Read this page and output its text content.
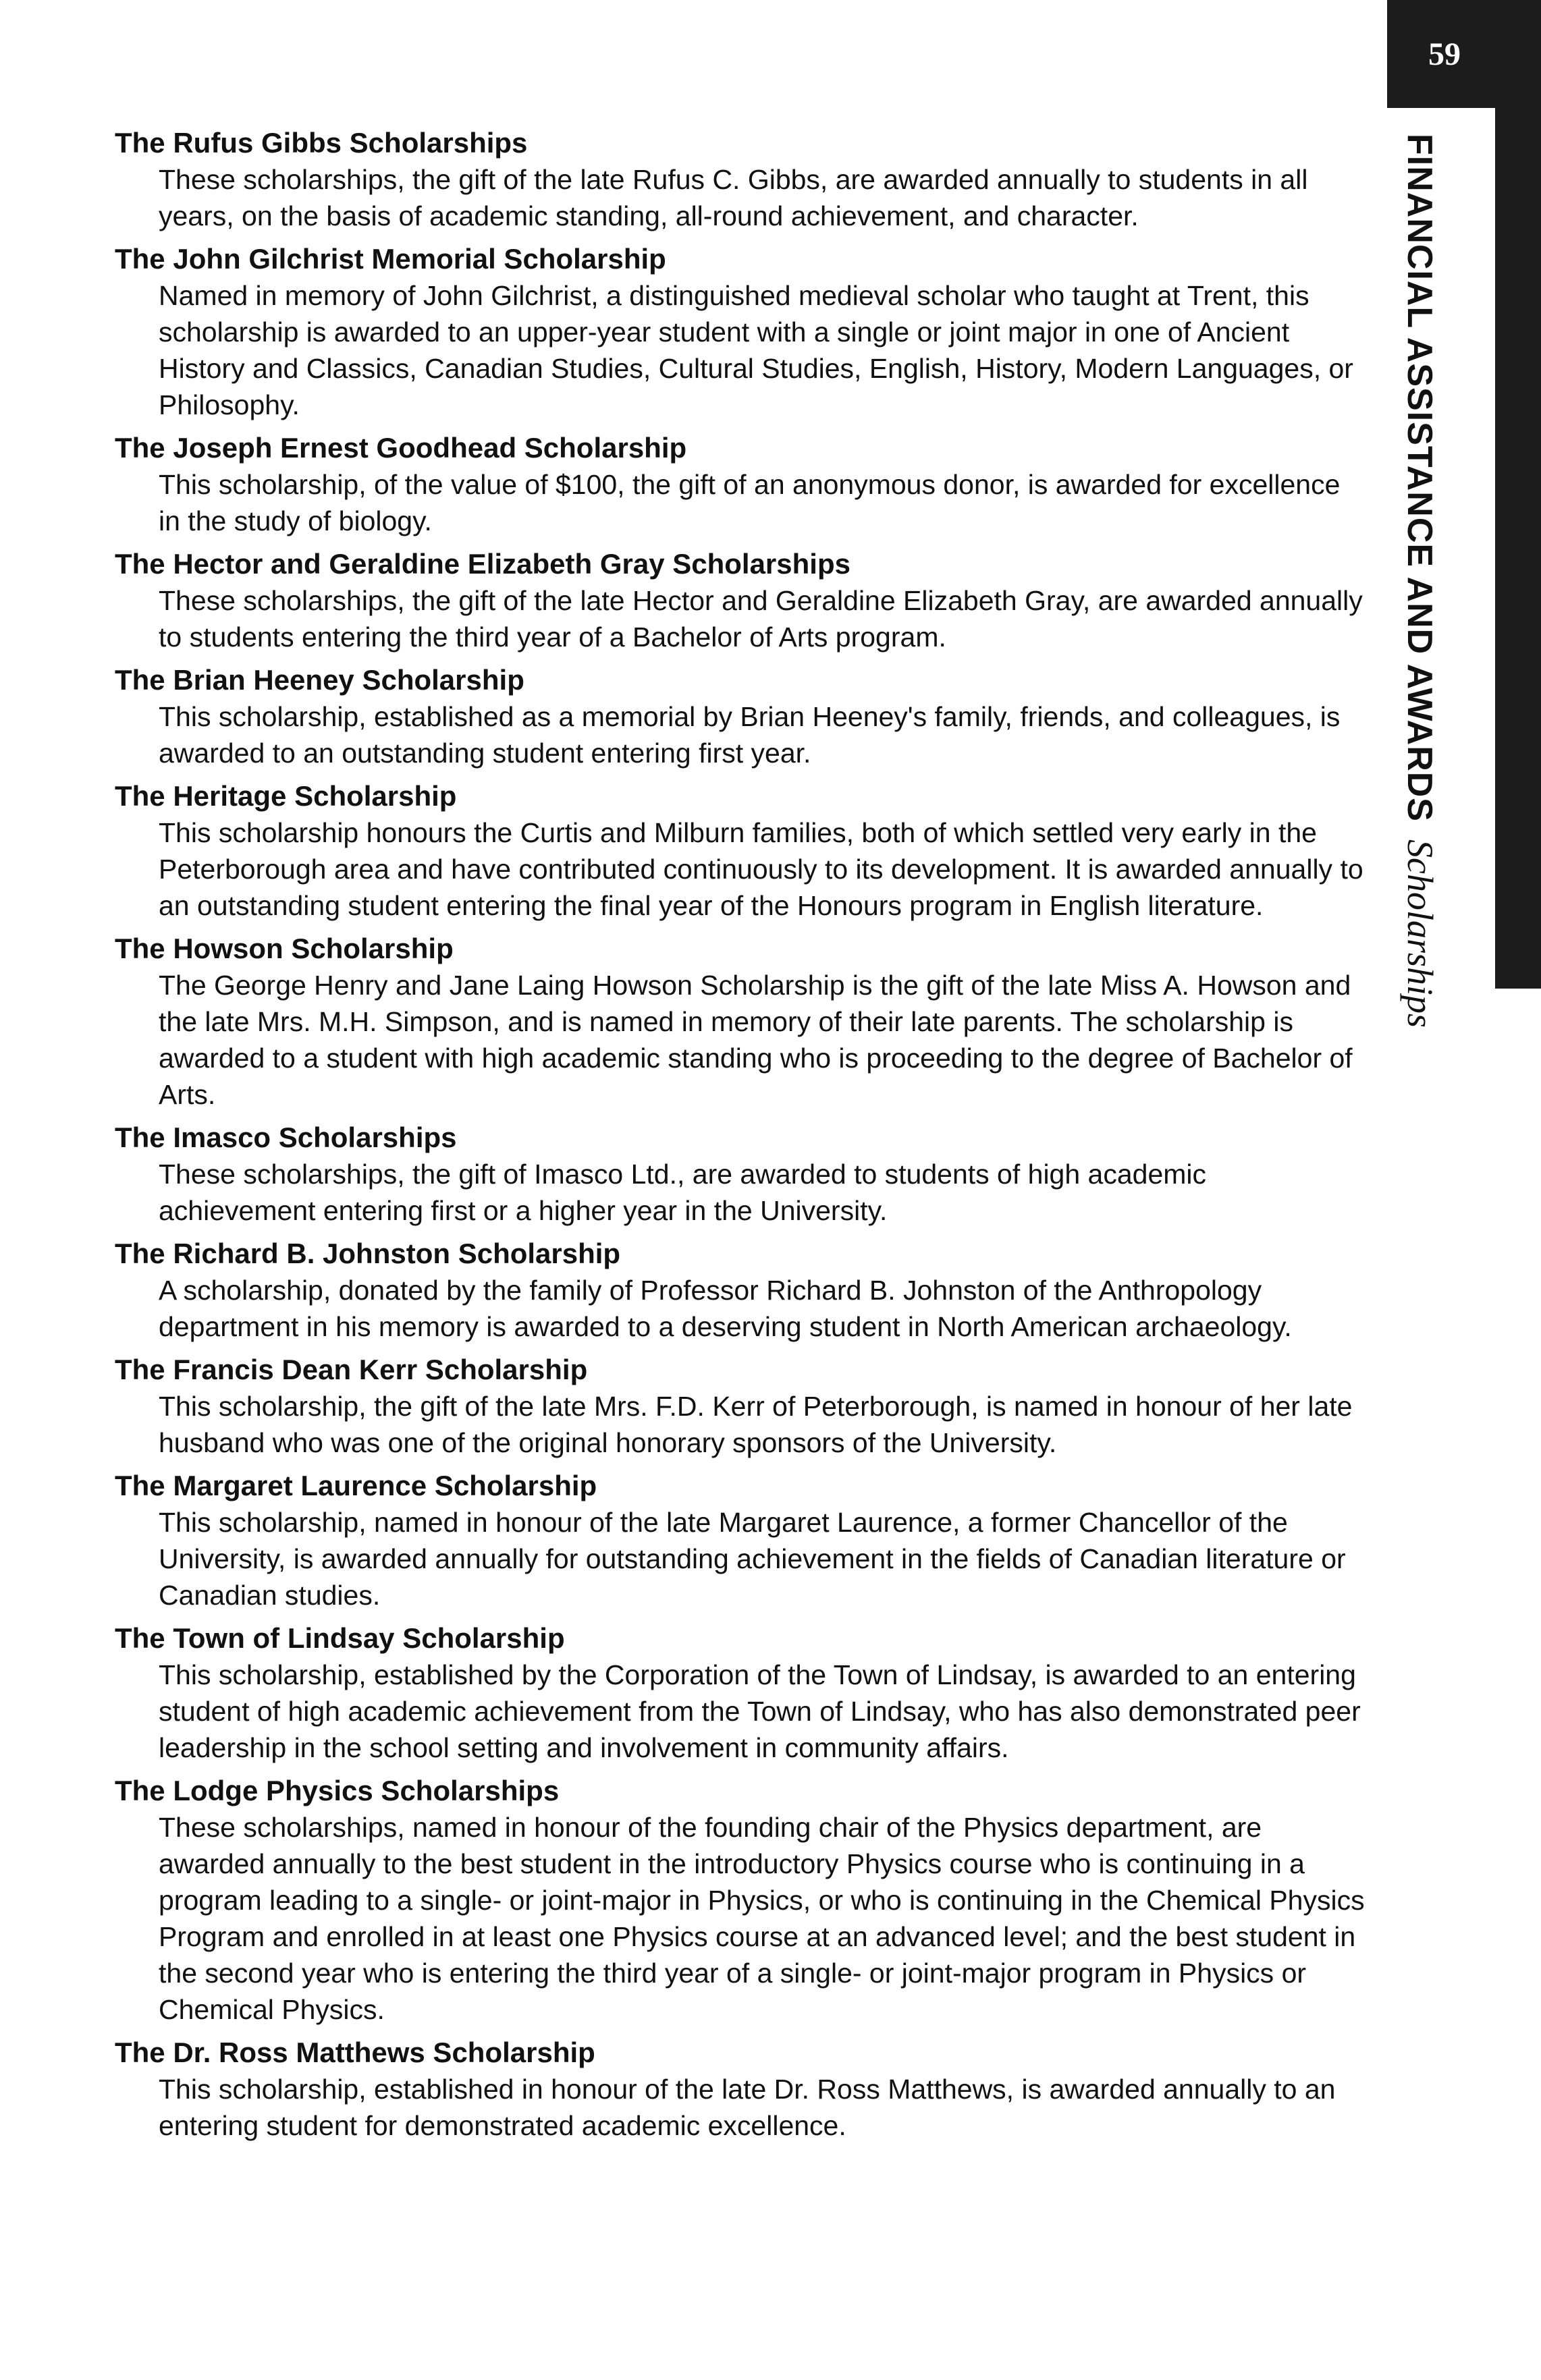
59
FINANCIAL ASSISTANCE AND AWARDSScholarships
The Rufus Gibbs Scholarships
These scholarships, the gift of the late Rufus C. Gibbs, are awarded annually to students in all years, on the basis of academic standing, all-round achievement, and character.
The John Gilchrist Memorial Scholarship
Named in memory of John Gilchrist, a distinguished medieval scholar who taught at Trent, this scholarship is awarded to an upper-year student with a single or joint major in one of Ancient History and Classics, Canadian Studies, Cultural Studies, English, History, Modern Languages, or Philosophy.
The Joseph Ernest Goodhead Scholarship
This scholarship, of the value of $100, the gift of an anonymous donor, is awarded for excellence in the study of biology.
The Hector and Geraldine Elizabeth Gray Scholarships
These scholarships, the gift of the late Hector and Geraldine Elizabeth Gray, are awarded annually to students entering the third year of a Bachelor of Arts program.
The Brian Heeney Scholarship
This scholarship, established as a memorial by Brian Heeney's family, friends, and colleagues, is awarded to an outstanding student entering first year.
The Heritage Scholarship
This scholarship honours the Curtis and Milburn families, both of which settled very early in the Peterborough area and have contributed continuously to its development. It is awarded annually to an outstanding student entering the final year of the Honours program in English literature.
The Howson Scholarship
The George Henry and Jane Laing Howson Scholarship is the gift of the late Miss A. Howson and the late Mrs. M.H. Simpson, and is named in memory of their late parents. The scholarship is awarded to a student with high academic standing who is proceeding to the degree of Bachelor of Arts.
The Imasco Scholarships
These scholarships, the gift of Imasco Ltd., are awarded to students of high academic achievement entering first or a higher year in the University.
The Richard B. Johnston Scholarship
A scholarship, donated by the family of Professor Richard B. Johnston of the Anthropology department in his memory is awarded to a deserving student in North American archaeology.
The Francis Dean Kerr Scholarship
This scholarship, the gift of the late Mrs. F.D. Kerr of Peterborough, is named in honour of her late husband who was one of the original honorary sponsors of the University.
The Margaret Laurence Scholarship
This scholarship, named in honour of the late Margaret Laurence, a former Chancellor of the University, is awarded annually for outstanding achievement in the fields of Canadian literature or Canadian studies.
The Town of Lindsay Scholarship
This scholarship, established by the Corporation of the Town of Lindsay, is awarded to an entering student of high academic achievement from the Town of Lindsay, who has also demonstrated peer leadership in the school setting and involvement in community affairs.
The Lodge Physics Scholarships
These scholarships, named in honour of the founding chair of the Physics department, are awarded annually to the best student in the introductory Physics course who is continuing in a program leading to a single- or joint-major in Physics, or who is continuing in the Chemical Physics Program and enrolled in at least one Physics course at an advanced level; and the best student in the second year who is entering the third year of a single- or joint-major program in Physics or Chemical Physics.
The Dr. Ross Matthews Scholarship
This scholarship, established in honour of the late Dr. Ross Matthews, is awarded annually to an entering student for demonstrated academic excellence.
